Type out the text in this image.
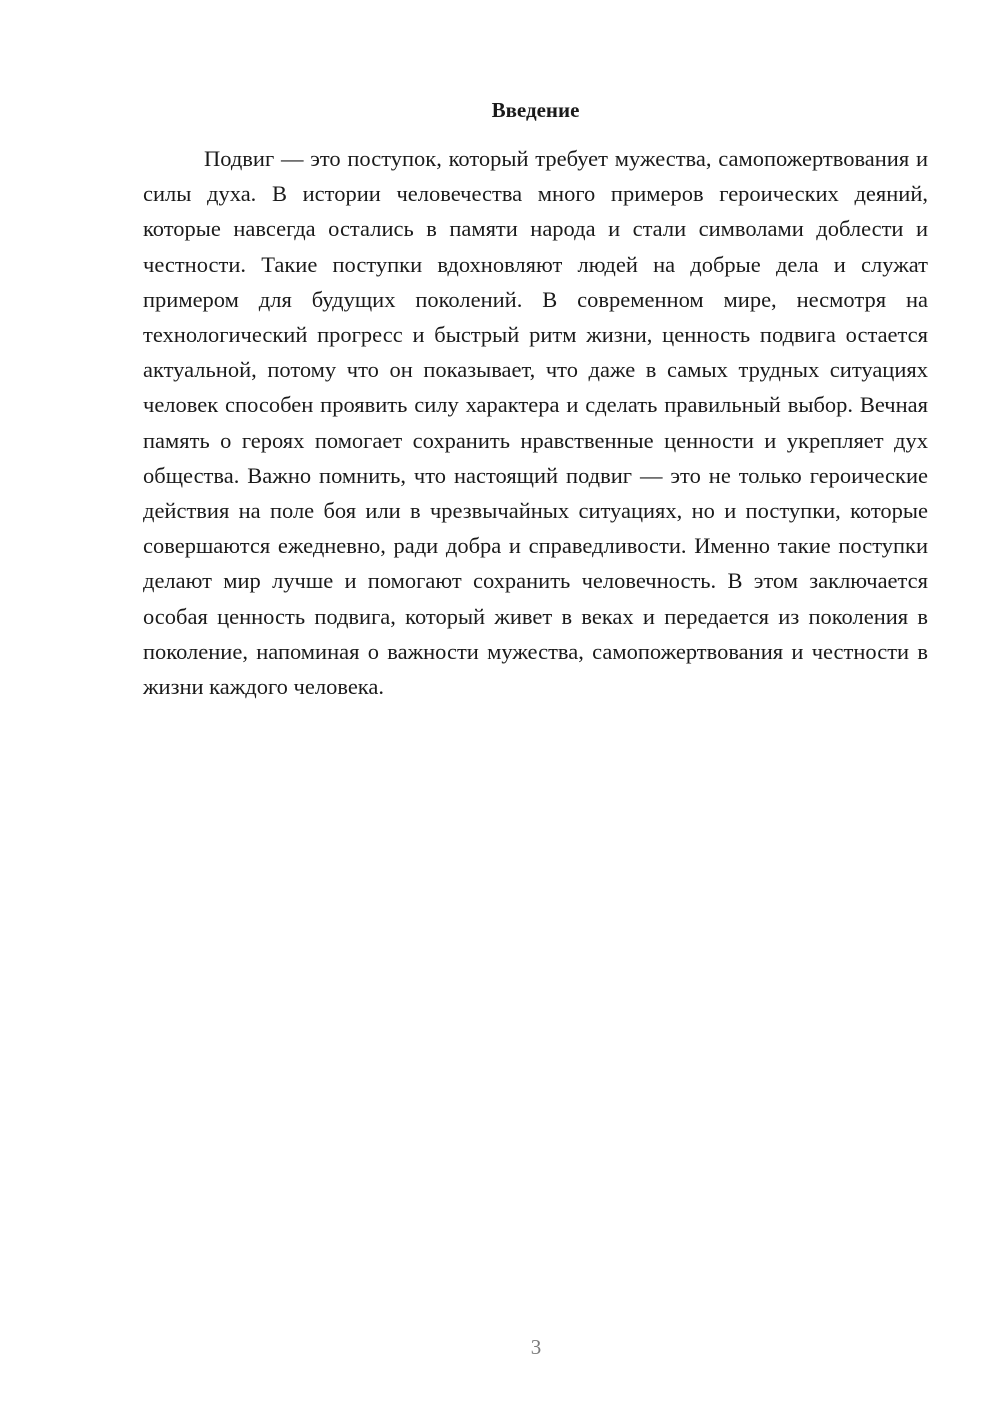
Введение

Подвиг — это поступок, который требует мужества, самопожертвования и силы духа. В истории человечества много примеров героических деяний, которые навсегда остались в памяти народа и стали символами доблести и честности. Такие поступки вдохновляют людей на добрые дела и служат примером для будущих поколений. В современном мире, несмотря на технологический прогресс и быстрый ритм жизни, ценность подвига остается актуальной, потому что он показывает, что даже в самых трудных ситуациях человек способен проявить силу характера и сделать правильный выбор. Вечная память о героях помогает сохранить нравственные ценности и укрепляет дух общества. Важно помнить, что настоящий подвиг — это не только героические действия на поле боя или в чрезвычайных ситуациях, но и поступки, которые совершаются ежедневно, ради добра и справедливости. Именно такие поступки делают мир лучше и помогают сохранить человечность. В этом заключается особая ценность подвига, который живет в веках и передается из поколения в поколение, напоминая о важности мужества, самопожертвования и честности в жизни каждого человека.

3
